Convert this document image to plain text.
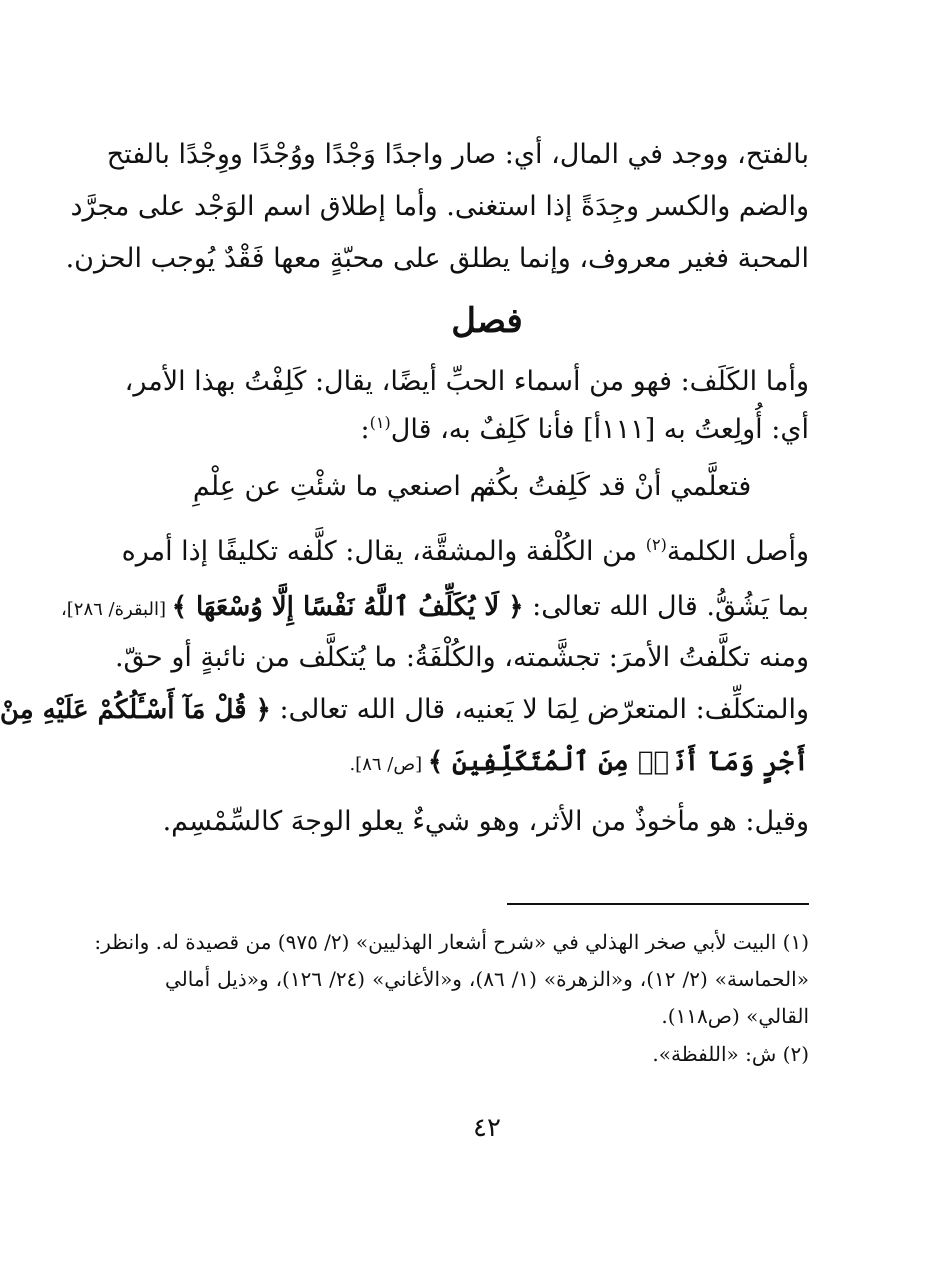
بالفتح، ووجد في المال، أي: صار واجدًا وَجْدًا ووُجْدًا ووِجْدًا بالفتح
والضم والكسر وجِدَةً إذا استغنى. وأما إطلاق اسم الوَجْد على مجرَّد
المحبة فغير معروف، وإنما يطلق على محبّةٍ معها فَقْدٌ يُوجب الحزن.
فصل
وأما الكَلَف: فهو من أسماء الحبِّ أيضًا، يقال: كَلِفْتُ بهذا الأمر،
أي: أُولِعتُ به [١١١أ] فأنا كَلِفٌ به، قال$^{(١)}$:
فتعلَّمي أنْ قد كَلِفتُ بكُم
ثم اصنعي ما شئْتِ عن عِلْمِ
وأصل الكلمة$^{(٢)}$ من الكُلْفة والمشقَّة، يقال: كلَّفه تكليفًا إذا أمره
بما يَشُقُّ. قال الله تعالى: ﴿ لَا يُكَلِّفُ ٱللَّهُ نَفْسًا إِلَّا وُسْعَهَا ﴾ [البقرة/ ٢٨٦]،
ومنه تكلَّفتُ الأمرَ: تجشَّمته، والكُلْفَةُ: ما يُتكلَّف من نائبةٍ أو حقّ.
والمتكلِّف: المتعرّض لِمَا لا يَعنيه، قال الله تعالى: ﴿ قُلْ مَآ أَسْـَٔلُكُمْ عَلَيْهِ مِنْ
أَجْرٍ وَمَآ أَنَا۠ مِنَ ٱلْمُتَكَلِّفِينَ ﴾ [ص/ ٨٦].
وقيل: هو مأخوذٌ من الأثر، وهو شيءٌ يعلو الوجهَ كالسِّمْسِم.
(١) البيت لأبي صخر الهذلي في «شرح أشعار الهذليين» (٢/ ٩٧٥) من قصيدة له. وانظر:
«الحماسة» (٢/ ١٢)، و«الزهرة» (١/ ٨٦)، و«الأغاني» (٢٤/ ١٢٦)، و«ذيل أمالي
القالي» (ص١١٨).
(٢) ش: «اللفظة».
٤٢
